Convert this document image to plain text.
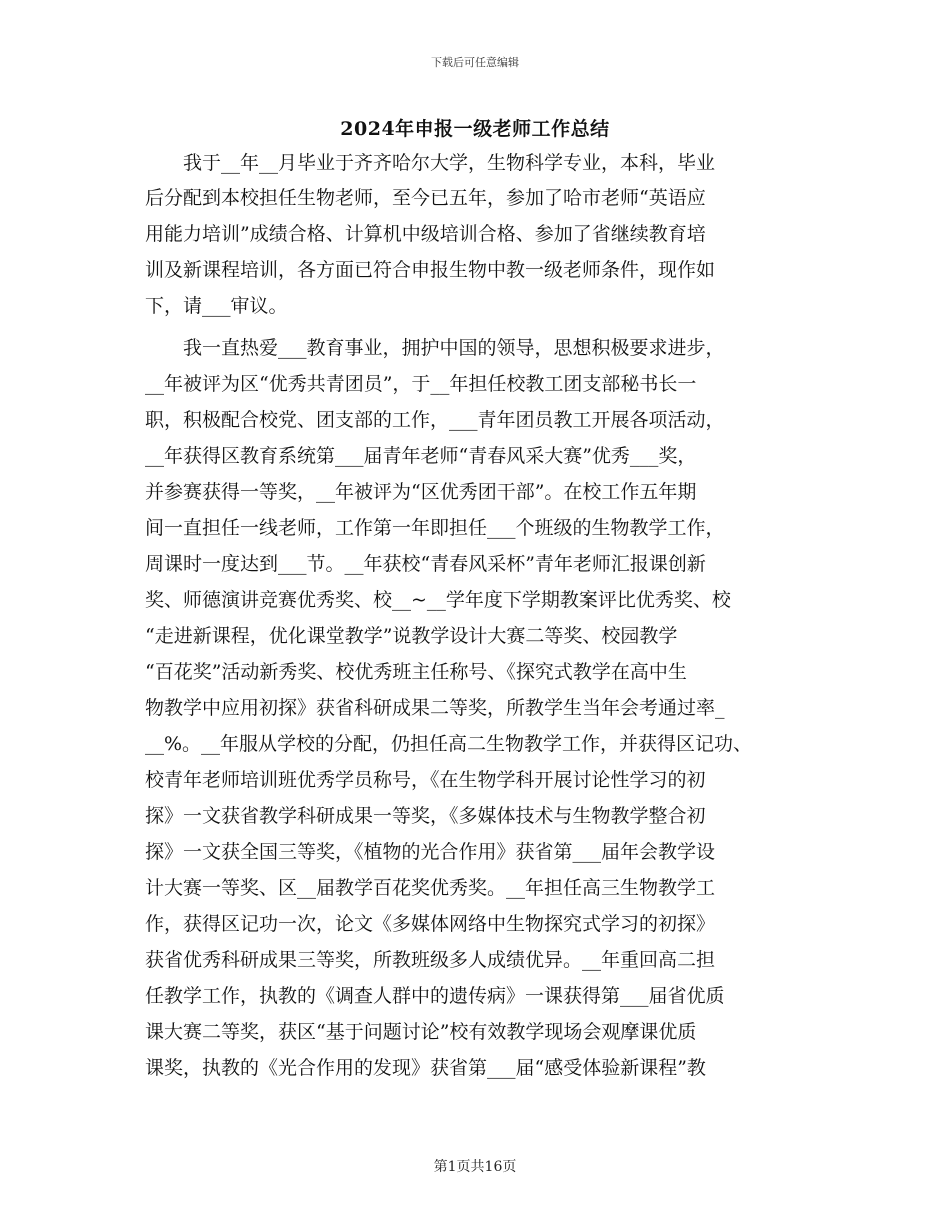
下载后可任意编辑
2024年申报一级老师工作总结
　　我于__年__月毕业于齐齐哈尔大学，生物科学专业，本科，毕业
后分配到本校担任生物老师，至今已五年，参加了哈市老师“英语应
用能力培训”成绩合格、计算机中级培训合格、参加了省继续教育培
训及新课程培训，各方面已符合申报生物中教一级老师条件，现作如
下，请___审议。
　　我一直热爱___教育事业，拥护中国的领导，思想积极要求进步，
__年被评为区“优秀共青团员”，于__年担任校教工团支部秘书长一
职，积极配合校党、团支部的工作，___青年团员教工开展各项活动，
__年获得区教育系统第___届青年老师“青春风采大赛”优秀___奖，
并参赛获得一等奖，__年被评为“区优秀团干部”。在校工作五年期
间一直担任一线老师，工作第一年即担任___个班级的生物教学工作，
周课时一度达到___节。__年获校“青春风采杯”青年老师汇报课创新
奖、师德演讲竞赛优秀奖、校__~__学年度下学期教案评比优秀奖、校
“走进新课程，优化课堂教学”说教学设计大赛二等奖、校园教学
“百花奖”活动新秀奖、校优秀班主任称号、《探究式教学在高中生
物教学中应用初探》获省科研成果二等奖，所教学生当年会考通过率_
__%。__年服从学校的分配，仍担任高二生物教学工作，并获得区记功、
校青年老师培训班优秀学员称号，《在生物学科开展讨论性学习的初
探》一文获省教学科研成果一等奖，《多媒体技术与生物教学整合初
探》一文获全国三等奖，《植物的光合作用》获省第___届年会教学设
计大赛一等奖、区__届教学百花奖优秀奖。__年担任高三生物教学工
作，获得区记功一次，论文《多媒体网络中生物探究式学习的初探》
获省优秀科研成果三等奖，所教班级多人成绩优异。__年重回高二担
任教学工作，执教的《调查人群中的遗传病》一课获得第___届省优质
课大赛二等奖，获区“基于问题讨论”校有效教学现场会观摩课优质
课奖，执教的《光合作用的发现》获省第___届“感受体验新课程”教
第1页共16页
